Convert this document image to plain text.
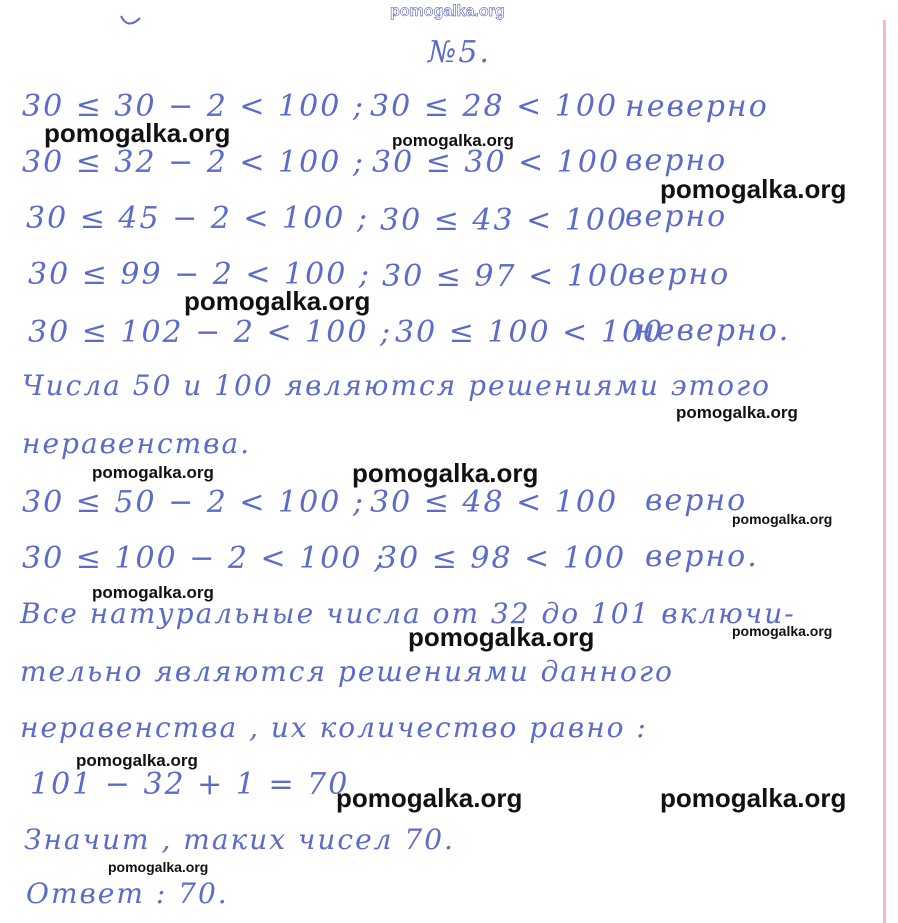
pomogalka.org
№5.
30 ≤ 30 − 2 < 100 ; 30 ≤ 28 < 100 неверно
30 ≤ 32 − 2 < 100 ; 30 ≤ 30 < 100 верно
30 ≤ 45 − 2 < 100 ; 30 ≤ 43 < 100
верно
30 ≤ 99 − 2 < 100 ; 30 ≤ 97 < 100
верно
30 ≤ 102 − 2 < 100 ; 30 ≤ 100 < 100
неверно.
Числа 50 и 100 являются решениями этого
неравенства.
30 ≤ 50 − 2 < 100 ; 30 ≤ 48 < 100 верно
30 ≤ 100 − 2 < 100 ;
30 ≤ 98 < 100 верно.
Все натуральные числа от 32 до 101 включи-
тельно являются решениями данного
неравенства , их количество равно :
101 − 32 + 1 = 70
Значит , таких чисел 70.
Ответ : 70.
pomogalka.org	pomogalka.org
pomogalka.org
pomogalka.org
pomogalka.org
pomogalka.org	pomogalka.org
pomogalka.org
pomogalka.org
pomogalka.org	pomogalka.org
pomogalka.org
pomogalka.org	pomogalka.org
pomogalka.org
